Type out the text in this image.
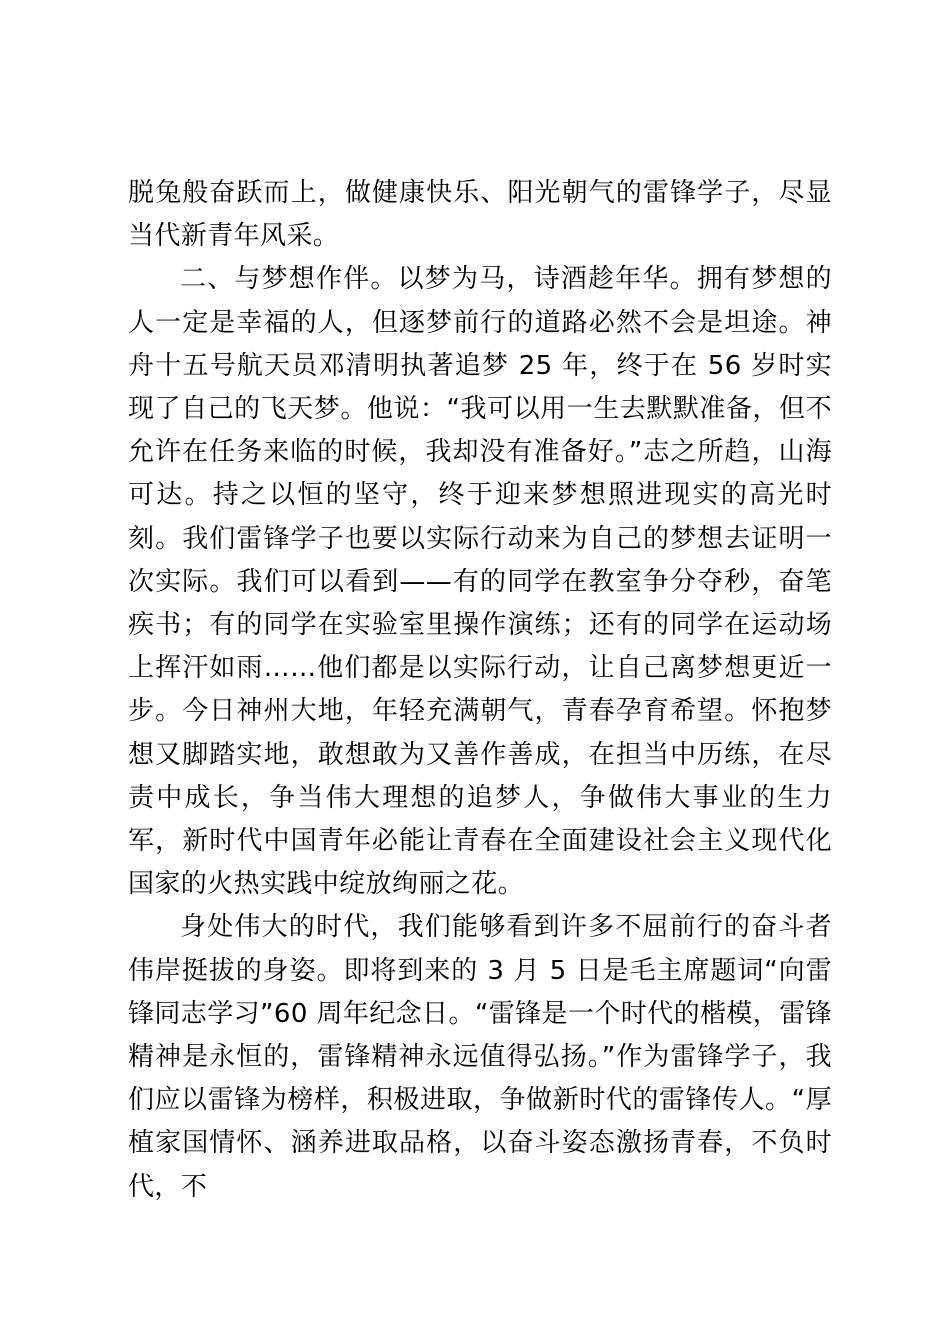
脱兔般奋跃而上，做健康快乐、阳光朝气的雷锋学子，尽显当代新青年风采。

二、与梦想作伴。以梦为马，诗酒趁年华。拥有梦想的人一定是幸福的人，但逐梦前行的道路必然不会是坦途。神舟十五号航天员邓清明执著追梦 25 年，终于在 56 岁时实现了自己的飞天梦。他说：“我可以用一生去默默准备，但不允许在任务来临的时候，我却没有准备好。”志之所趋，山海可达。持之以恒的坚守，终于迎来梦想照进现实的高光时刻。我们雷锋学子也要以实际行动来为自己的梦想去证明一次实际。我们可以看到——有的同学在教室争分夺秒，奋笔疾书；有的同学在实验室里操作演练；还有的同学在运动场上挥汗如雨……他们都是以实际行动，让自己离梦想更近一步。今日神州大地，年轻充满朝气，青春孕育希望。怀抱梦想又脚踏实地，敢想敢为又善作善成，在担当中历练，在尽责中成长，争当伟大理想的追梦人，争做伟大事业的生力军，新时代中国青年必能让青春在全面建设社会主义现代化国家的火热实践中绽放绚丽之花。

身处伟大的时代，我们能够看到许多不屈前行的奋斗者伟岸挺拔的身姿。即将到来的 3 月 5 日是毛主席题词“向雷锋同志学习”60 周年纪念日。“雷锋是一个时代的楷模，雷锋精神是永恒的，雷锋精神永远值得弘扬。”作为雷锋学子，我们应以雷锋为榜样，积极进取，争做新时代的雷锋传人。“厚植家国情怀、涵养进取品格，以奋斗姿态激扬青春，不负时代，不
